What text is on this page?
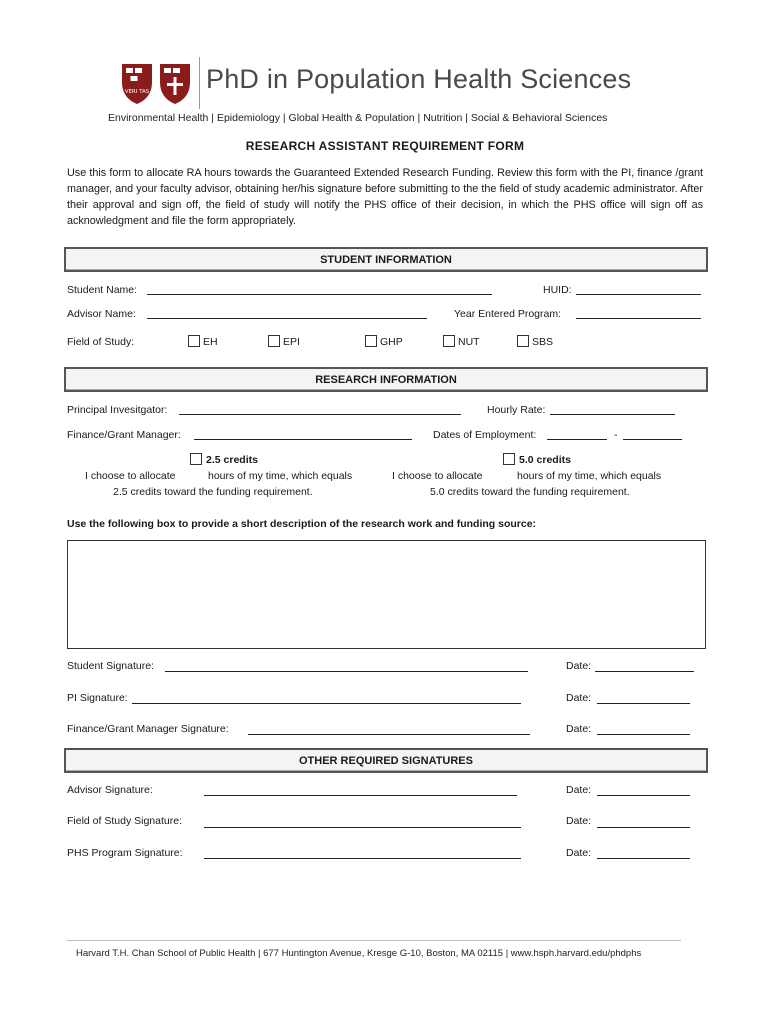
VERI TAS PhD in Population Health Sciences
Environmental Health | Epidemiology | Global Health & Population | Nutrition | Social & Behavioral Sciences
RESEARCH ASSISTANT REQUIREMENT FORM
Use this form to allocate RA hours towards the Guaranteed Extended Research Funding. Review this form with the PI, finance /grant manager, and your faculty advisor, obtaining her/his signature before submitting to the the field of study academic administrator. After their approval and sign off, the field of study will notify the PHS office of their decision, in which the PHS office will sign off as acknowledgment and file the form appropriately.
STUDENT INFORMATION
Student Name:	HUID:
Advisor Name:	Year Entered Program:
Field of Study:	EH	EPI	GHP	NUT	SBS
RESEARCH INFORMATION
Principal Invesitgator:	Hourly Rate:
Finance/Grant Manager:	Dates of Employment:	-
2.5 credits
I choose to allocate	hours of my time, which equals
2.5 credits toward the funding requirement.
5.0 credits
I choose to allocate	hours of my time, which equals
5.0 credits toward the funding requirement.
Use the following box to provide a short description of the research work and funding source:
Student Signature:	Date:
PI Signature:	Date:
Finance/Grant Manager Signature:	Date:
OTHER REQUIRED SIGNATURES
Advisor Signature:	Date:
Field of Study Signature:	Date:
PHS Program Signature:	Date:
Harvard T.H. Chan School of Public Health | 677 Huntington Avenue, Kresge G-10, Boston, MA 02115 | www.hsph.harvard.edu/phdphs
